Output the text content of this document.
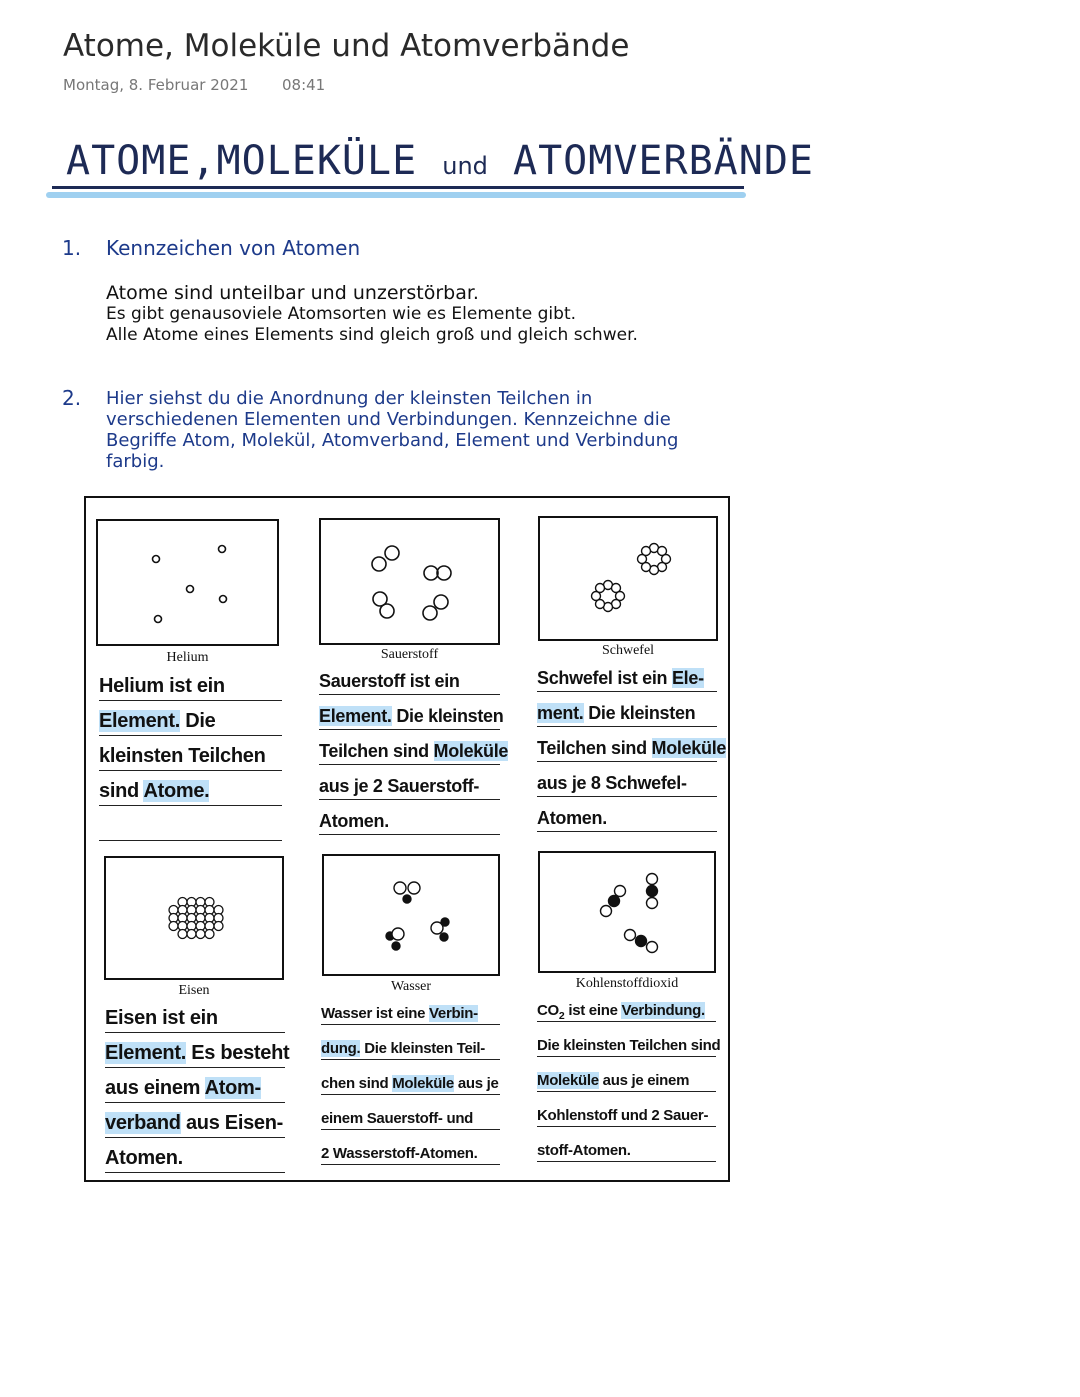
Atome, Moleküle und Atomverbände
Montag, 8. Februar 2021 08:41
ATOME,MOLEKÜLE und ATOMVERBÄNDE
1. Kennzeichen von Atomen
Atome sind unteilbar und unzerstörbar.
Es gibt genausoviele Atomsorten wie es Elemente gibt.
Alle Atome eines Elements sind gleich groß und gleich schwer.
2. Hier siehst du die Anordnung der kleinsten Teilchen in verschiedenen Elementen und Verbindungen. Kennzeichne die Begriffe Atom, Molekül, Atomverband, Element und Verbindung farbig.
Helium	Sauerstoff	Schwefel
Eisen	Wasser	Kohlenstoffdioxid
Helium ist ein
Element. Die
kleinsten Teilchen
sind Atome.
Sauerstoff ist ein
Element. Die kleinsten
Teilchen sind Moleküle
aus je 2 Sauerstoff-
Atomen.
Schwefel ist ein Ele-
ment. Die kleinsten
Teilchen sind Moleküle
aus je 8 Schwefel-
Atomen.
Eisen ist ein
Element. Es besteht
aus einem Atom-
verband aus Eisen-
Atomen.
Wasser ist eine Verbin-
dung. Die kleinsten Teil-
chen sind Moleküle aus je
einem Sauerstoff- und
2 Wasserstoff-Atomen.
$CO_2$ ist eine Verbindung.
Die kleinsten Teilchen sind
Moleküle aus je einem
Kohlenstoff und 2 Sauer-
stoff-Atomen.
